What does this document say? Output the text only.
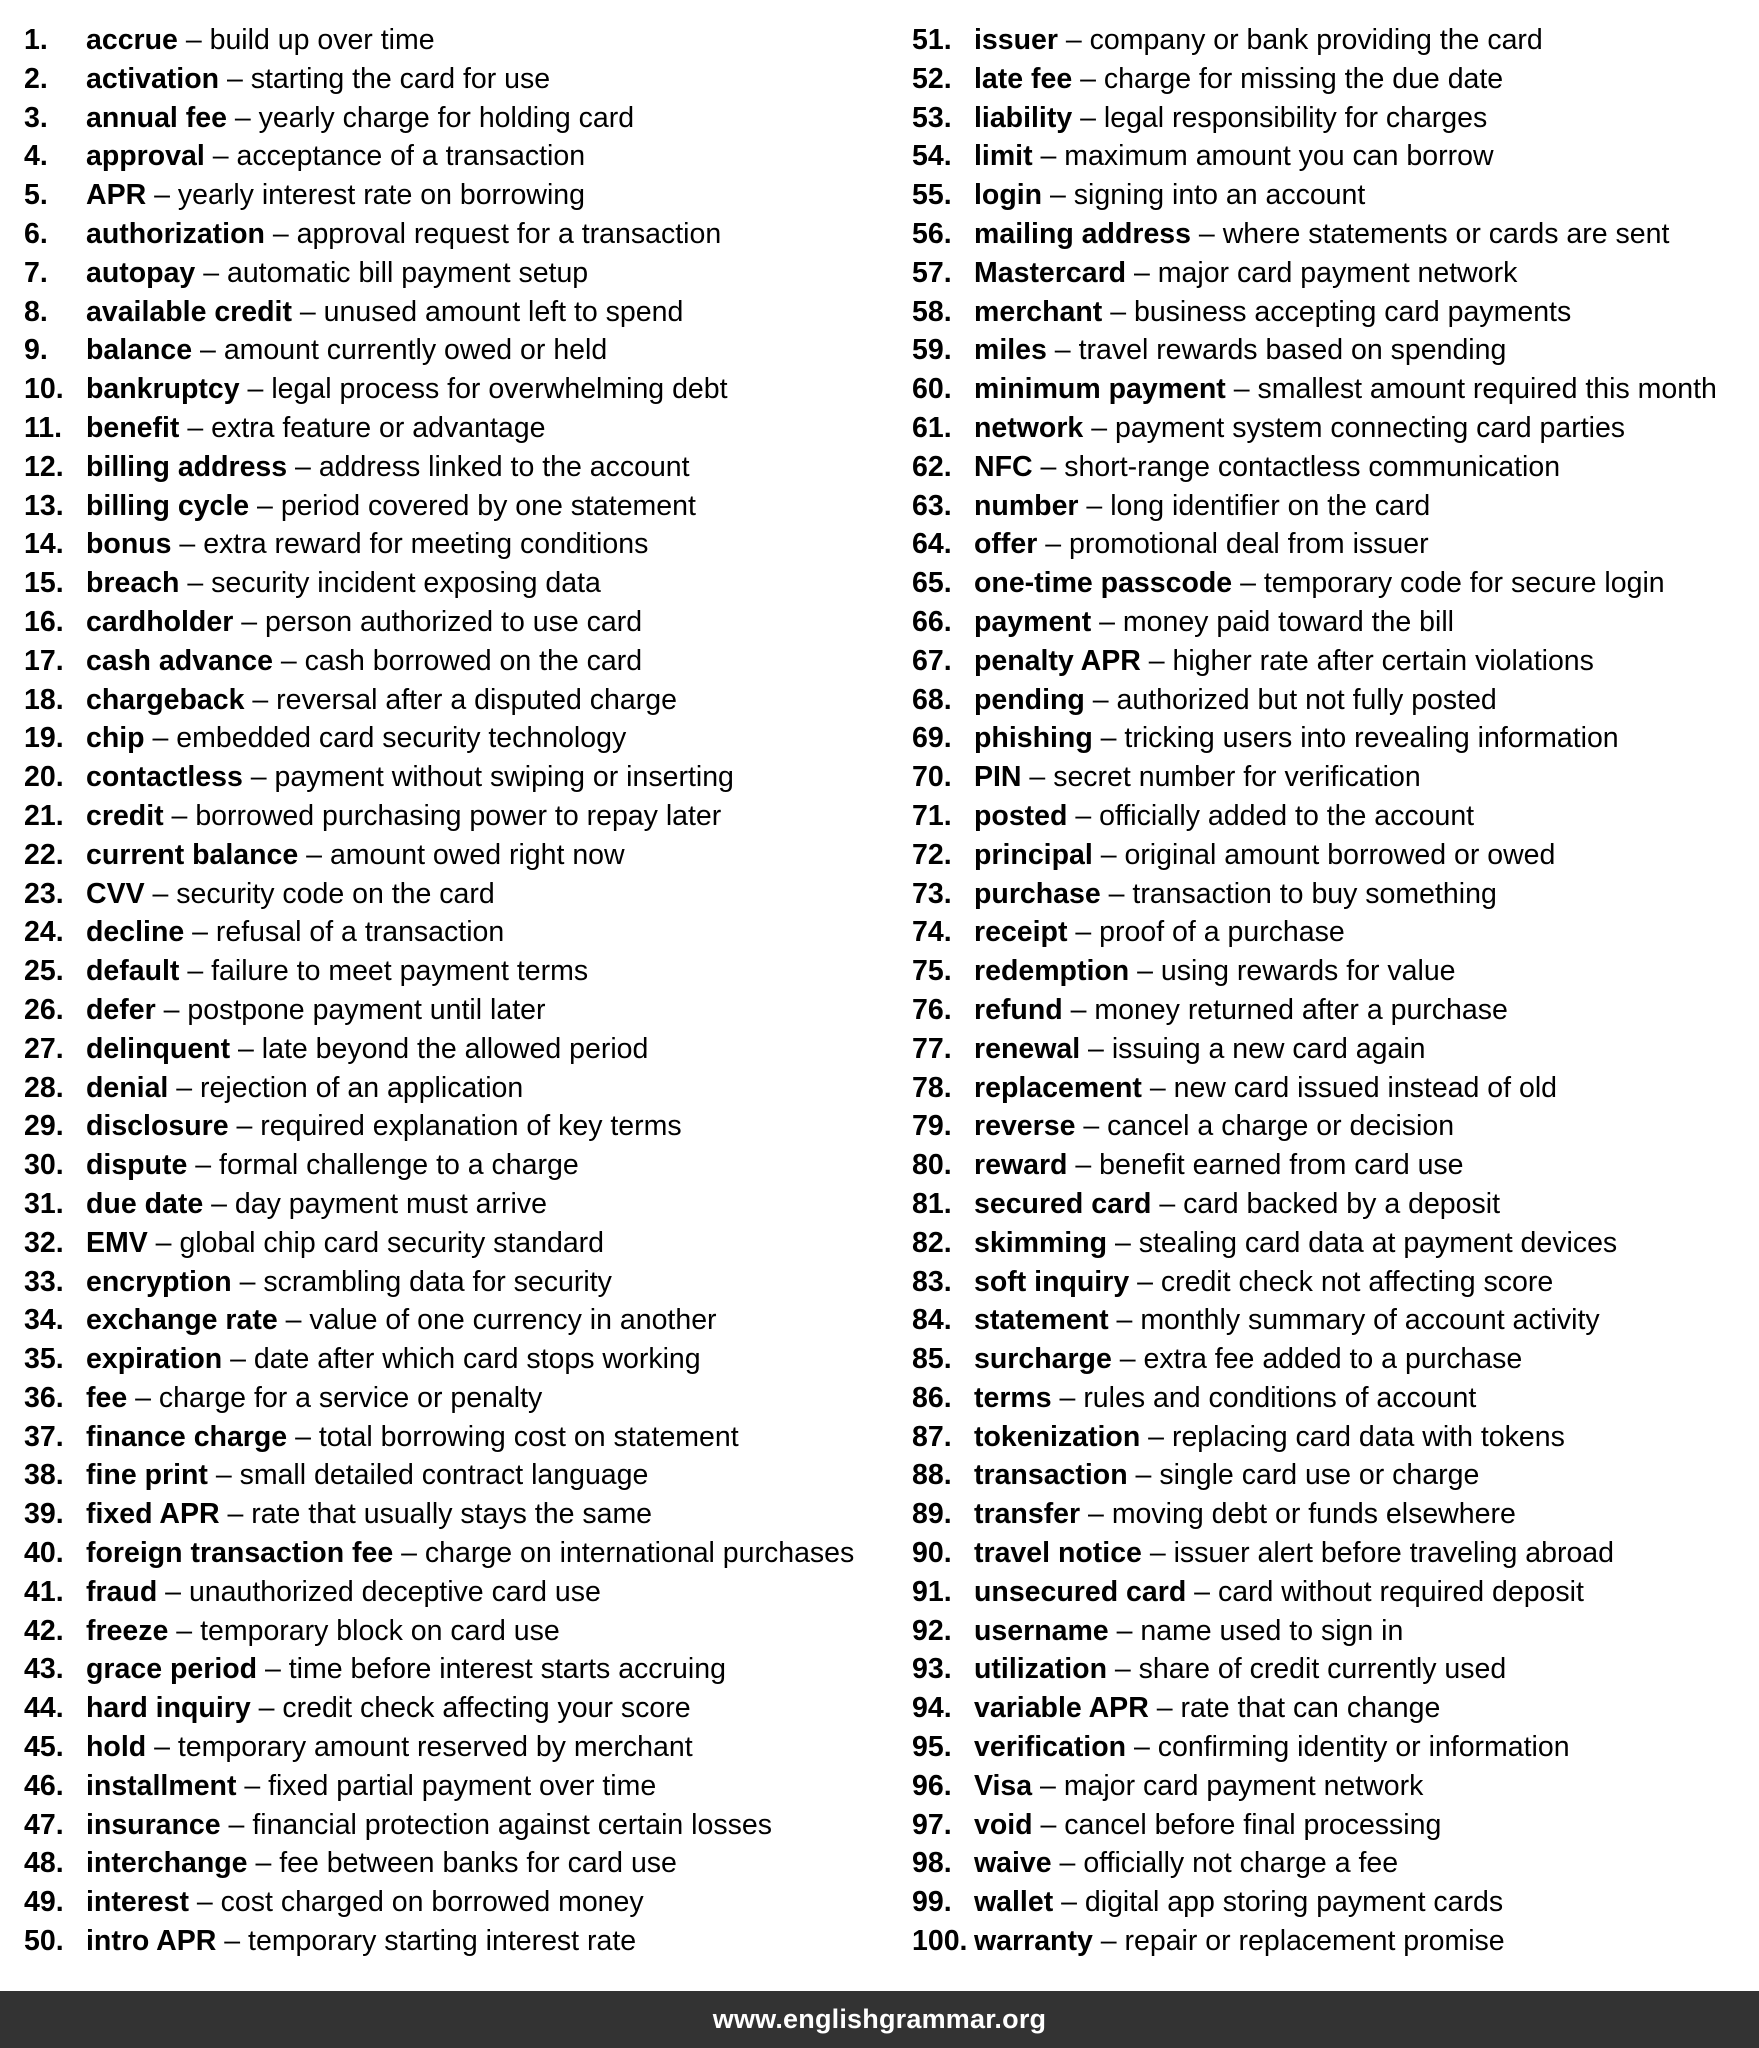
1. accrue – build up over time
2. activation – starting the card for use
3. annual fee – yearly charge for holding card
4. approval – acceptance of a transaction
5. APR – yearly interest rate on borrowing
6. authorization – approval request for a transaction
7. autopay – automatic bill payment setup
8. available credit – unused amount left to spend
9. balance – amount currently owed or held
10. bankruptcy – legal process for overwhelming debt
11. benefit – extra feature or advantage
12. billing address – address linked to the account
13. billing cycle – period covered by one statement
14. bonus – extra reward for meeting conditions
15. breach – security incident exposing data
16. cardholder – person authorized to use card
17. cash advance – cash borrowed on the card
18. chargeback – reversal after a disputed charge
19. chip – embedded card security technology
20. contactless – payment without swiping or inserting
21. credit – borrowed purchasing power to repay later
22. current balance – amount owed right now
23. CVV – security code on the card
24. decline – refusal of a transaction
25. default – failure to meet payment terms
26. defer – postpone payment until later
27. delinquent – late beyond the allowed period
28. denial – rejection of an application
29. disclosure – required explanation of key terms
30. dispute – formal challenge to a charge
31. due date – day payment must arrive
32. EMV – global chip card security standard
33. encryption – scrambling data for security
34. exchange rate – value of one currency in another
35. expiration – date after which card stops working
36. fee – charge for a service or penalty
37. finance charge – total borrowing cost on statement
38. fine print – small detailed contract language
39. fixed APR – rate that usually stays the same
40. foreign transaction fee – charge on international purchases
41. fraud – unauthorized deceptive card use
42. freeze – temporary block on card use
43. grace period – time before interest starts accruing
44. hard inquiry – credit check affecting your score
45. hold – temporary amount reserved by merchant
46. installment – fixed partial payment over time
47. insurance – financial protection against certain losses
48. interchange – fee between banks for card use
49. interest – cost charged on borrowed money
50. intro APR – temporary starting interest rate
51. issuer – company or bank providing the card
52. late fee – charge for missing the due date
53. liability – legal responsibility for charges
54. limit – maximum amount you can borrow
55. login – signing into an account
56. mailing address – where statements or cards are sent
57. Mastercard – major card payment network
58. merchant – business accepting card payments
59. miles – travel rewards based on spending
60. minimum payment – smallest amount required this month
61. network – payment system connecting card parties
62. NFC – short-range contactless communication
63. number – long identifier on the card
64. offer – promotional deal from issuer
65. one-time passcode – temporary code for secure login
66. payment – money paid toward the bill
67. penalty APR – higher rate after certain violations
68. pending – authorized but not fully posted
69. phishing – tricking users into revealing information
70. PIN – secret number for verification
71. posted – officially added to the account
72. principal – original amount borrowed or owed
73. purchase – transaction to buy something
74. receipt – proof of a purchase
75. redemption – using rewards for value
76. refund – money returned after a purchase
77. renewal – issuing a new card again
78. replacement – new card issued instead of old
79. reverse – cancel a charge or decision
80. reward – benefit earned from card use
81. secured card – card backed by a deposit
82. skimming – stealing card data at payment devices
83. soft inquiry – credit check not affecting score
84. statement – monthly summary of account activity
85. surcharge – extra fee added to a purchase
86. terms – rules and conditions of account
87. tokenization – replacing card data with tokens
88. transaction – single card use or charge
89. transfer – moving debt or funds elsewhere
90. travel notice – issuer alert before traveling abroad
91. unsecured card – card without required deposit
92. username – name used to sign in
93. utilization – share of credit currently used
94. variable APR – rate that can change
95. verification – confirming identity or information
96. Visa – major card payment network
97. void – cancel before final processing
98. waive – officially not charge a fee
99. wallet – digital app storing payment cards
100. warranty – repair or replacement promise
www.englishgrammar.org
